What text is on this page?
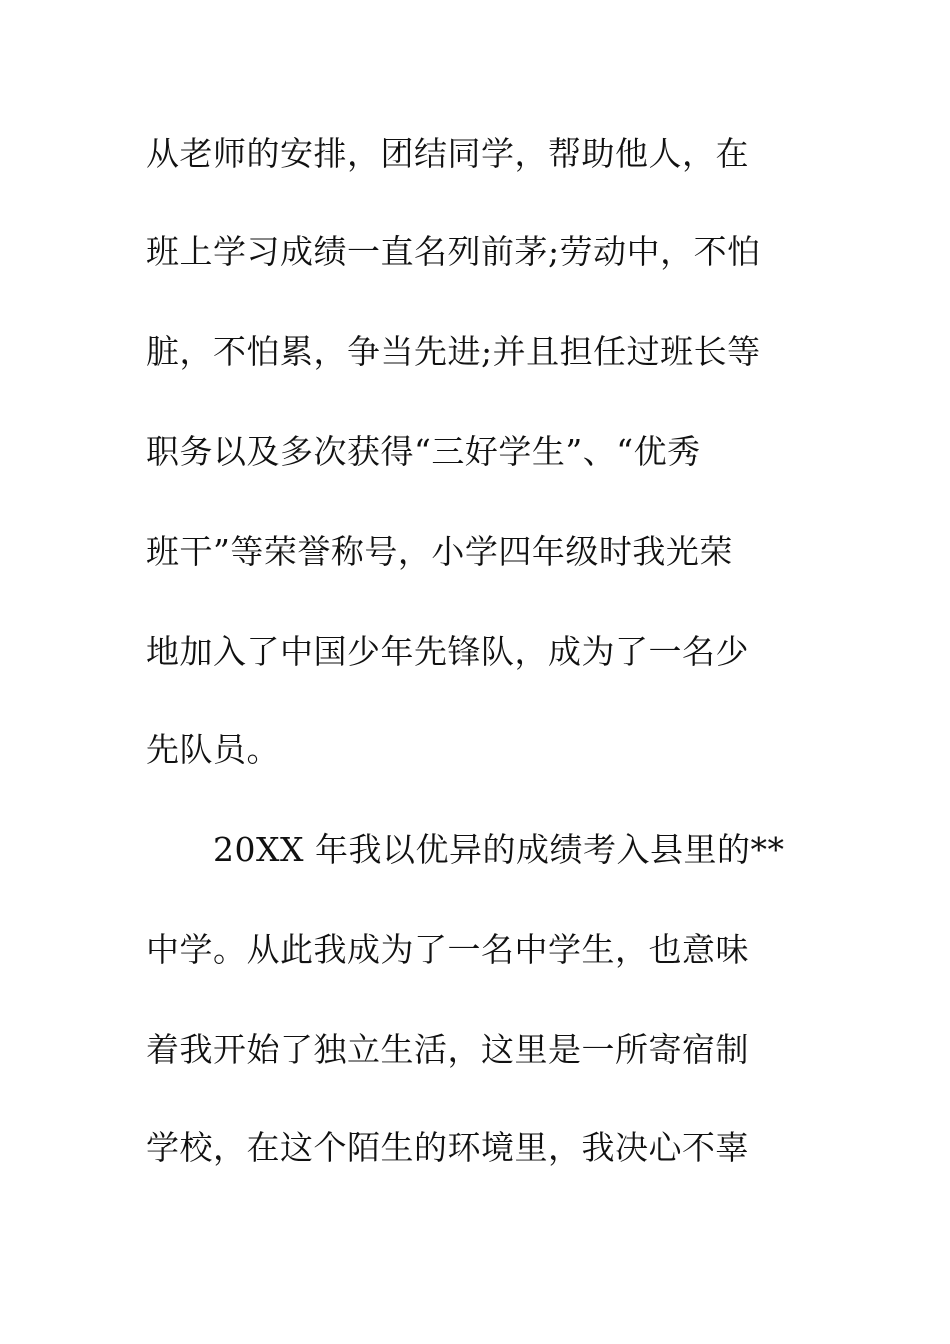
从老师的安排，团结同学，帮助他人，在
班上学习成绩一直名列前茅;劳动中，不怕
脏，不怕累，争当先进;并且担任过班长等
职务以及多次获得“三好学生”、“优秀
班干”等荣誉称号，小学四年级时我光荣
地加入了中国少年先锋队，成为了一名少
先队员。
20XX 年我以优异的成绩考入县里的**
中学。从此我成为了一名中学生，也意味
着我开始了独立生活，这里是一所寄宿制
学校，在这个陌生的环境里，我决心不辜
